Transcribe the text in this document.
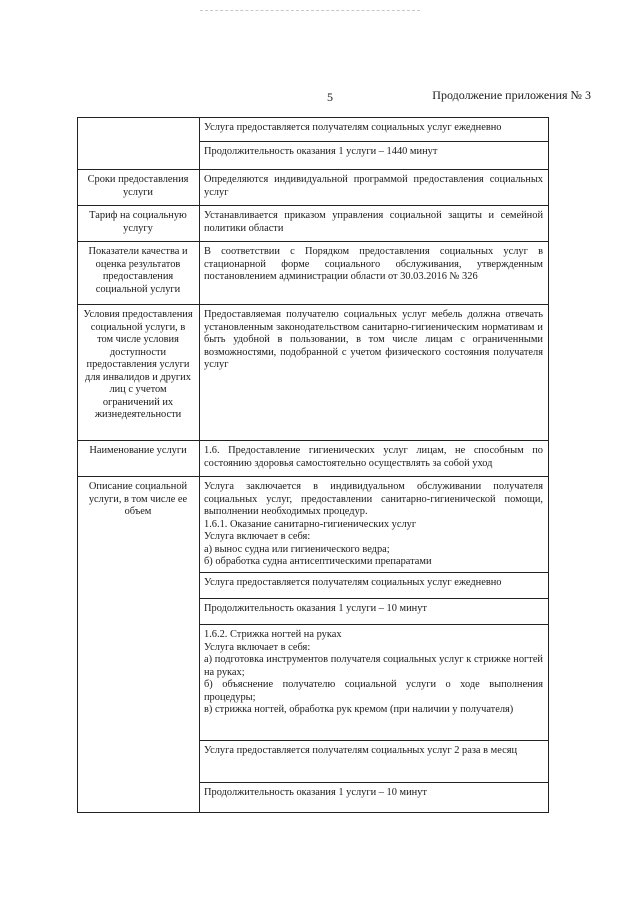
5	Продолжение приложения № 3
	Услуга предоставляется получателям социальных услуг ежедневно
	Продолжительность оказания 1 услуги – 1440 минут
Сроки предоставления услуги	Определяются индивидуальной программой предоставления социальных услуг
Тариф на социальную услугу	Устанавливается приказом управления социальной защиты и семейной политики области
Показатели качества и оценка результатов предоставления социальной услуги	В соответствии с Порядком предоставления социальных услуг в стационарной форме социального обслуживания, утвержденным постановлением администрации области от 30.03.2016 № 326
Условия предоставления социальной услуги, в том числе условия доступности предоставления услуги для инвалидов и других лиц с учетом ограничений их жизнедеятельности	Предоставляемая получателю социальных услуг мебель должна отвечать установленным законодательством санитарно-гигиеническим нормативам и быть удобной в пользовании, в том числе лицам с ограниченными возможностями, подобранной с учетом физического состояния получателя услуг
Наименование услуги	1.6. Предоставление гигиенических услуг лицам, не способным по состоянию здоровья самостоятельно осуществлять за собой уход
Описание социальной услуги, в том числе ее объем	Услуга заключается в индивидуальном обслуживании получателя социальных услуг, предоставлении санитарно-гигиенической помощи, выполнении необходимых процедур.
1.6.1. Оказание санитарно-гигиенических услуг
Услуга включает в себя:
а) вынос судна или гигиенического ведра;
б) обработка судна антисептическими препаратами

	Услуга предоставляется получателям социальных услуг ежедневно
	Продолжительность оказания 1 услуги – 10 минут

	1.6.2. Стрижка ногтей на руках
Услуга включает в себя:
а) подготовка инструментов получателя социальных услуг к стрижке ногтей на руках;
б) объяснение получателю социальной услуги о ходе выполнения процедуры;
в) стрижка ногтей, обработка рук кремом (при наличии у получателя)

	Услуга предоставляется получателям социальных услуг 2 раза в месяц
	Продолжительность оказания 1 услуги – 10 минут
